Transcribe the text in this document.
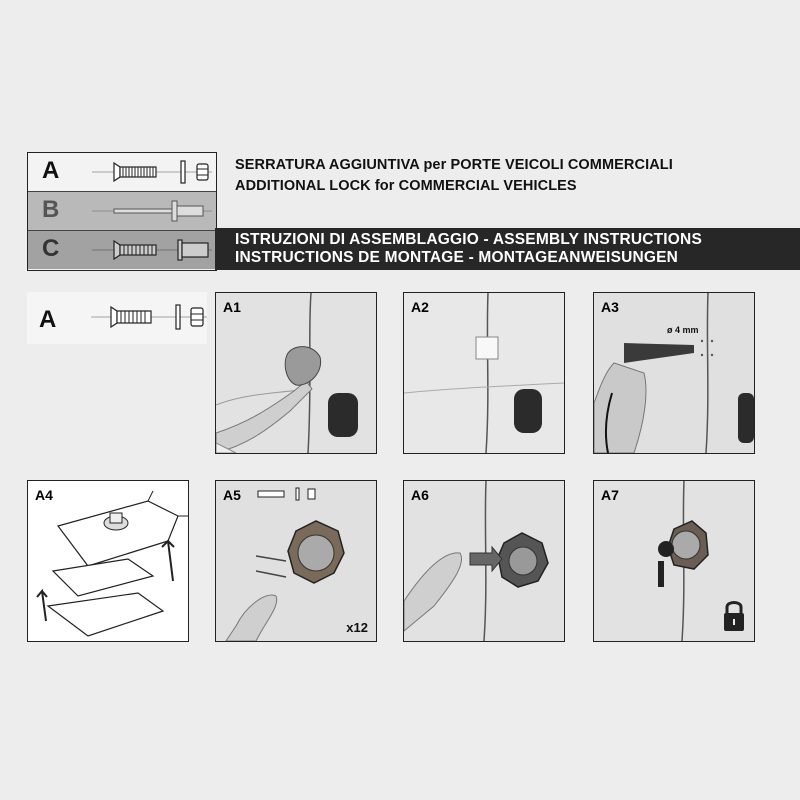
A
B
C
SERRATURA AGGIUNTIVA per PORTE VEICOLI COMMERCIALI
ADDITIONAL LOCK for COMMERCIAL VEHICLES
ISTRUZIONI DI ASSEMBLAGGIO - ASSEMBLY INSTRUCTIONS
INSTRUCTIONS DE MONTAGE - MONTAGEANWEISUNGEN
A	A1	A2	A3
ø 4 mm
A4	A5
x12
A6	A7
